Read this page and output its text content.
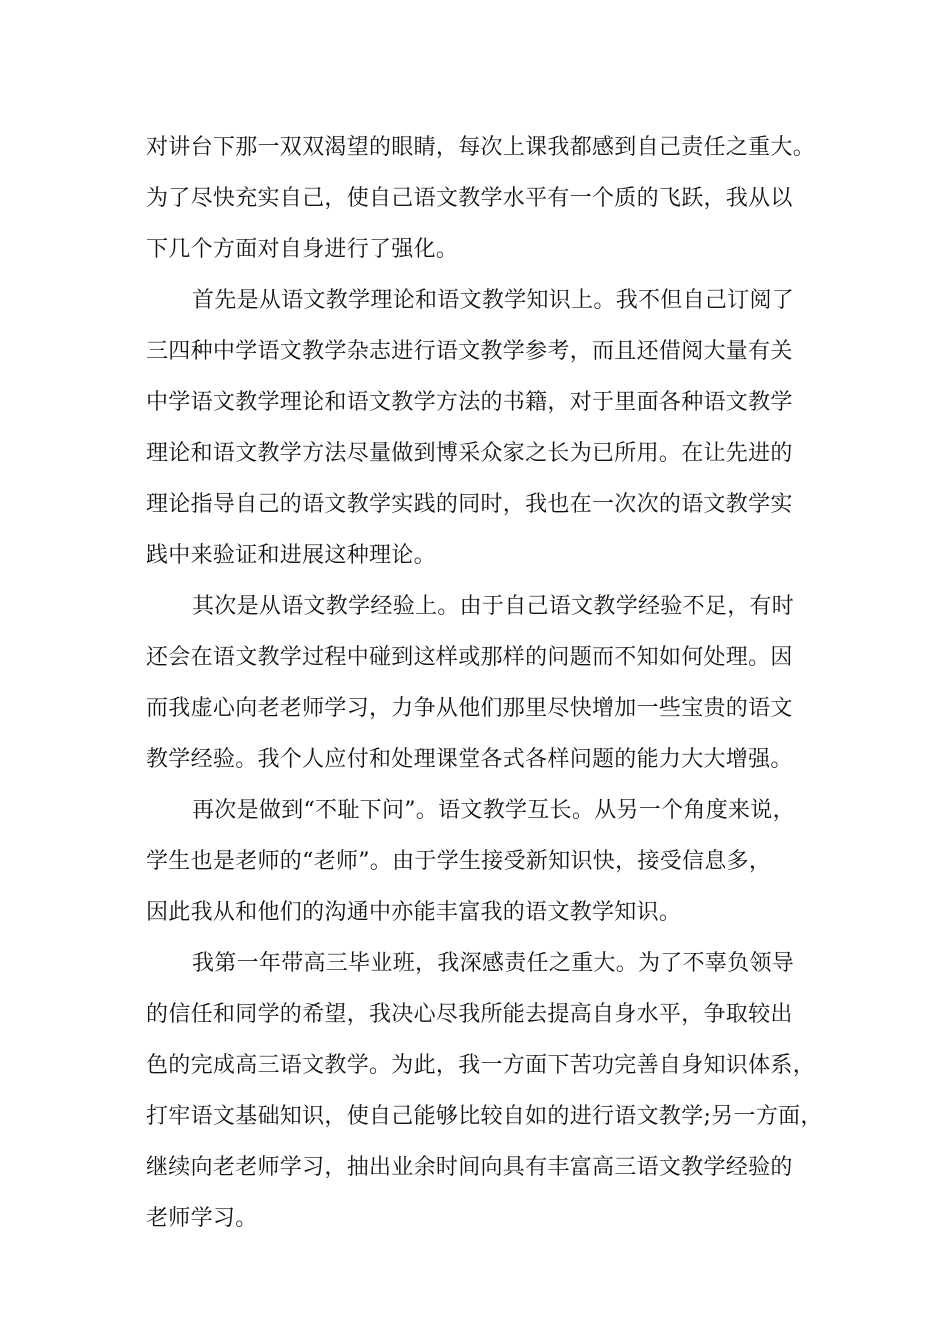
对讲台下那一双双渴望的眼睛，每次上课我都感到自己责任之重大。
为了尽快充实自己，使自己语文教学水平有一个质的飞跃，我从以
下几个方面对自身进行了强化。
首先是从语文教学理论和语文教学知识上。我不但自己订阅了
三四种中学语文教学杂志进行语文教学参考，而且还借阅大量有关
中学语文教学理论和语文教学方法的书籍，对于里面各种语文教学
理论和语文教学方法尽量做到博采众家之长为已所用。在让先进的
理论指导自己的语文教学实践的同时，我也在一次次的语文教学实
践中来验证和进展这种理论。
其次是从语文教学经验上。由于自己语文教学经验不足，有时
还会在语文教学过程中碰到这样或那样的问题而不知如何处理。因
而我虚心向老老师学习，力争从他们那里尽快增加一些宝贵的语文
教学经验。我个人应付和处理课堂各式各样问题的能力大大增强。
再次是做到“不耻下问”。语文教学互长。从另一个角度来说，
学生也是老师的“老师”。由于学生接受新知识快，接受信息多，
因此我从和他们的沟通中亦能丰富我的语文教学知识。
我第一年带高三毕业班，我深感责任之重大。为了不辜负领导
的信任和同学的希望，我决心尽我所能去提高自身水平，争取较出
色的完成高三语文教学。为此，我一方面下苦功完善自身知识体系，
打牢语文基础知识，使自己能够比较自如的进行语文教学;另一方面，
继续向老老师学习，抽出业余时间向具有丰富高三语文教学经验的
老师学习。
